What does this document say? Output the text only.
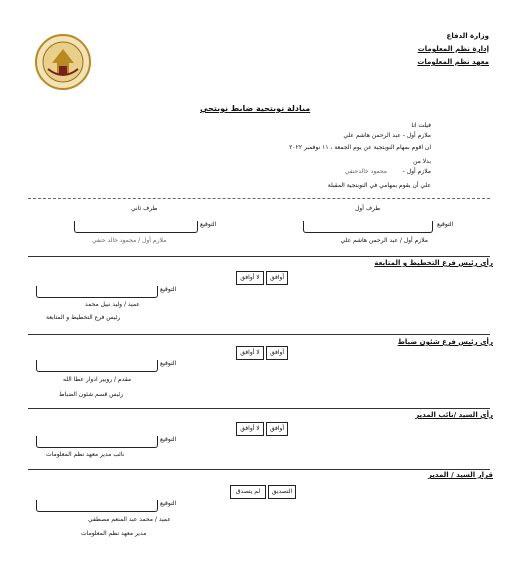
وزارة الدفاع
إدارة نظم المعلومات
معهد نظم المعلومات
مبادلة نوبتجية ضابط نوبتجي
فيلت انا
ملازم أول - عبد الرحمن هاشم علي
ان اقوم بمهام النوبتجية عن يوم الجمعة ، ١١ نوفمبر ٢٠٢٢
بدلا من
ملازم أول -
محمود خالدحنفي
علي أن يقوم بمهامي في النوبتجية المقبلة
طرف أول
طرف ثاني
التوقيع
التوقيع
ملازم أول / عبد الرحمن هاشم علي
ملازم أول / محمود خالد حنفي
رأي رئيس فرع التخطيط و المتابعة
لا أوافق	أوافق
التوقيع
عميد / وليد نبيل محمد
رئيس فرع التخطيط و المتابعة
رأي رئيس فرع شئون ضباط
لا أوافق	أوافق
التوقيع
مقدم / روبير ادوار عطا الله
رئيس قسم شئون الضباط
رأي السيد /نائب المدير
لا أوافق	أوافق
التوقيع
نائب مدير معهد نظم المعلومات
قرار السيد / المدير
لم يتصدق	التصديق
التوقيع
عميد / محمد عبد المنعم مصطفي
مدير معهد نظم المعلومات
